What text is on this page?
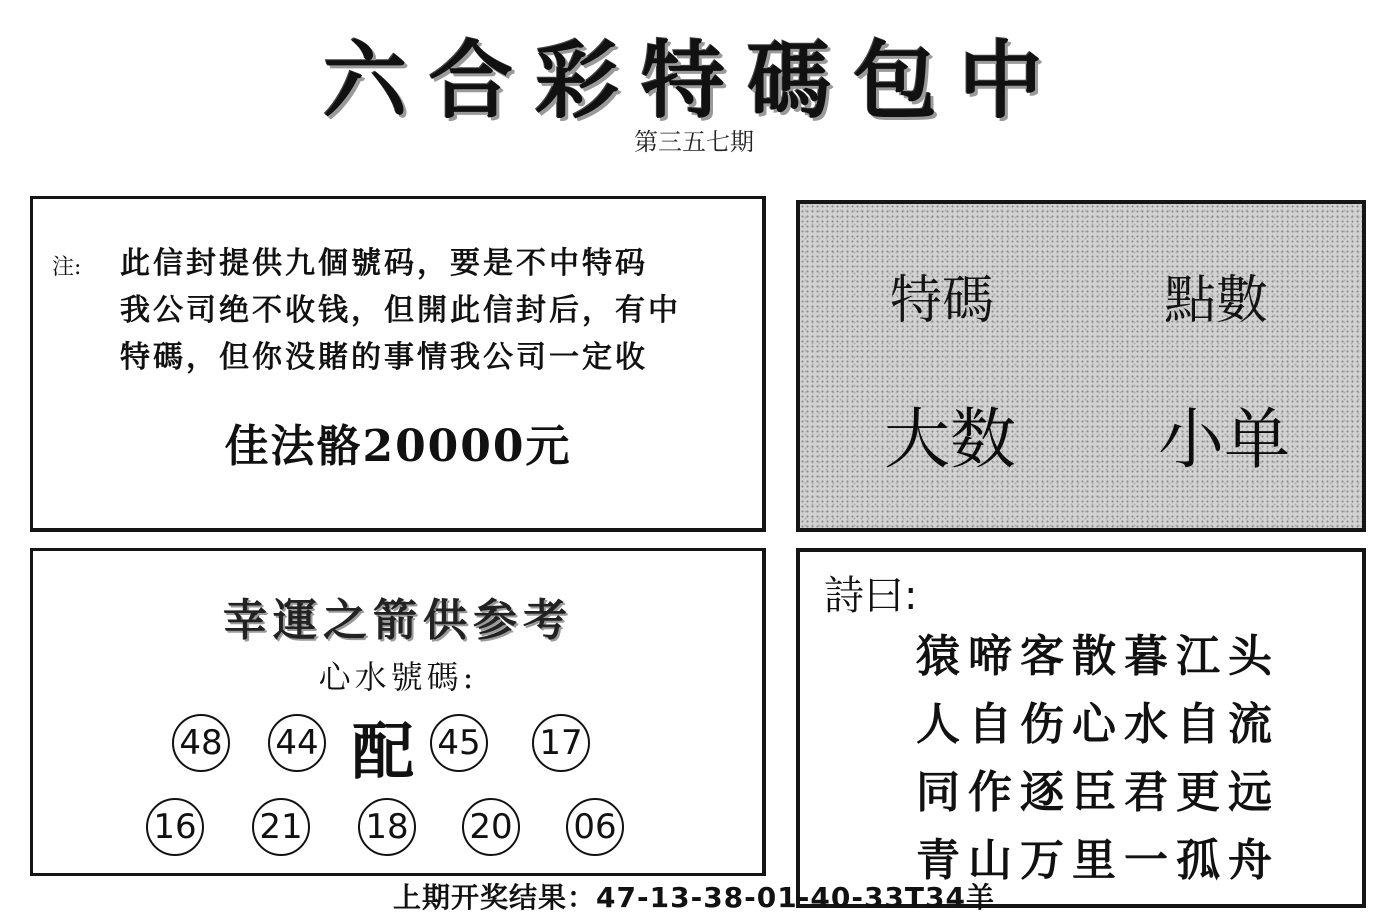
六合彩特碼包中
第三五七期
注: 此信封提供九個號码，要是不中特码
我公司绝不收钱，但開此信封后，有中
特碼，但你没賭的事情我公司一定收
佳法骼20000元
特碼	點數
大数 小单
幸運之箭供参考
心水號碼:
48 44 配 45 17
16 21 18 20 06
詩曰:
猿啼客散暮江头
人自伤心水自流
同作逐臣君更远
青山万里一孤舟
上期开奖结果：47-13-38-01-40-33T34羊
